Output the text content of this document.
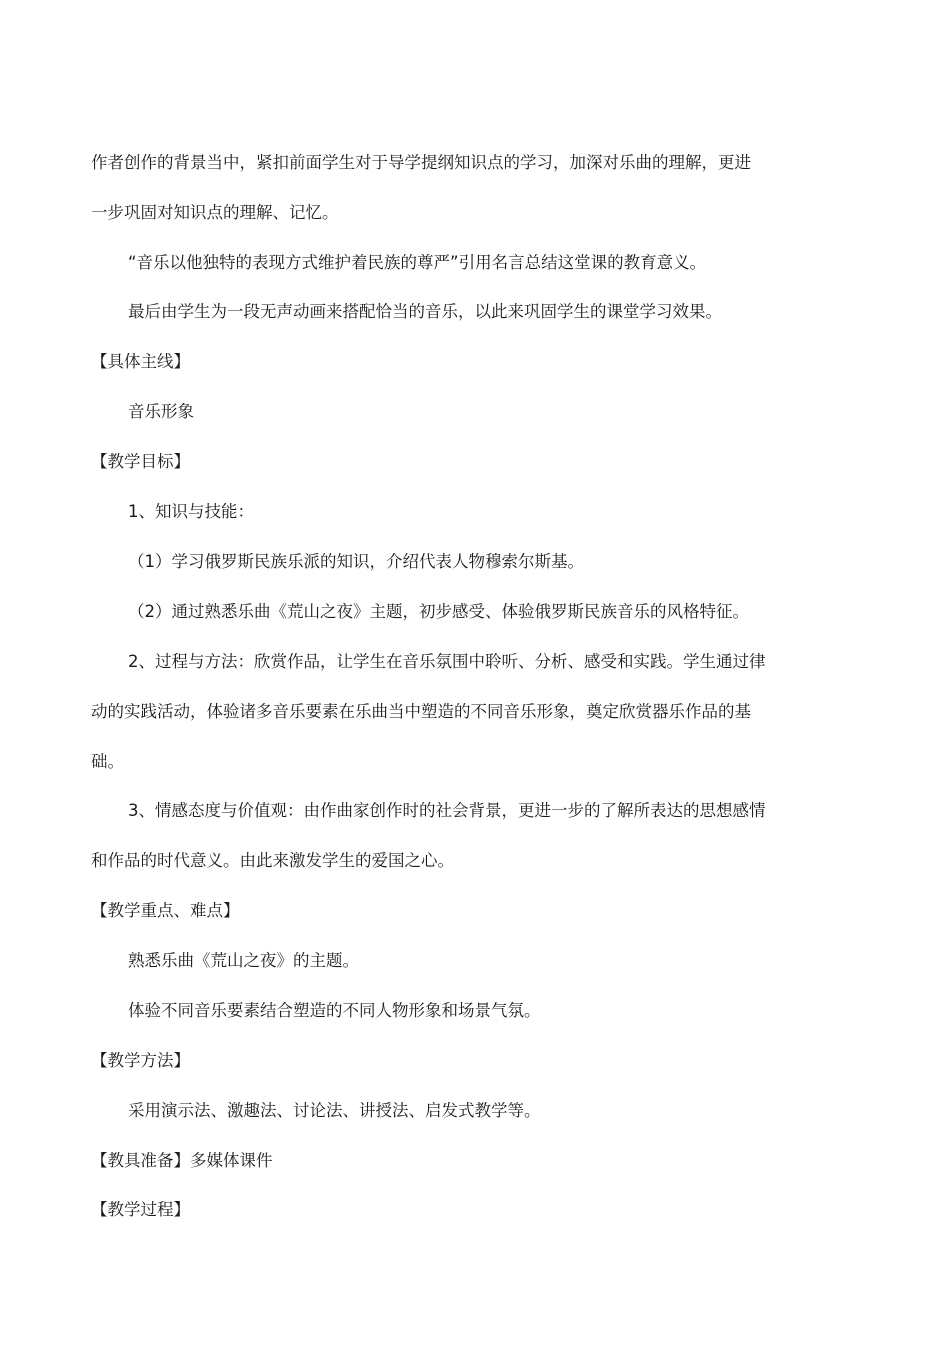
作者创作的背景当中，紧扣前面学生对于导学提纲知识点的学习，加深对乐曲的理解，更进
一步巩固对知识点的理解、记忆。
“音乐以他独特的表现方式维护着民族的尊严”引用名言总结这堂课的教育意义。
最后由学生为一段无声动画来搭配恰当的音乐，以此来巩固学生的课堂学习效果。
【具体主线】
音乐形象
【教学目标】
1、知识与技能：
（1）学习俄罗斯民族乐派的知识，介绍代表人物穆索尔斯基。
（2）通过熟悉乐曲《荒山之夜》主题，初步感受、体验俄罗斯民族音乐的风格特征。
2、过程与方法：欣赏作品，让学生在音乐氛围中聆听、分析、感受和实践。学生通过律
动的实践活动，体验诸多音乐要素在乐曲当中塑造的不同音乐形象，奠定欣赏器乐作品的基
础。
3、情感态度与价值观：由作曲家创作时的社会背景，更进一步的了解所表达的思想感情
和作品的时代意义。由此来激发学生的爱国之心。
【教学重点、难点】
熟悉乐曲《荒山之夜》的主题。
体验不同音乐要素结合塑造的不同人物形象和场景气氛。
【教学方法】
采用演示法、激趣法、讨论法、讲授法、启发式教学等。
【教具准备】多媒体课件
【教学过程】
